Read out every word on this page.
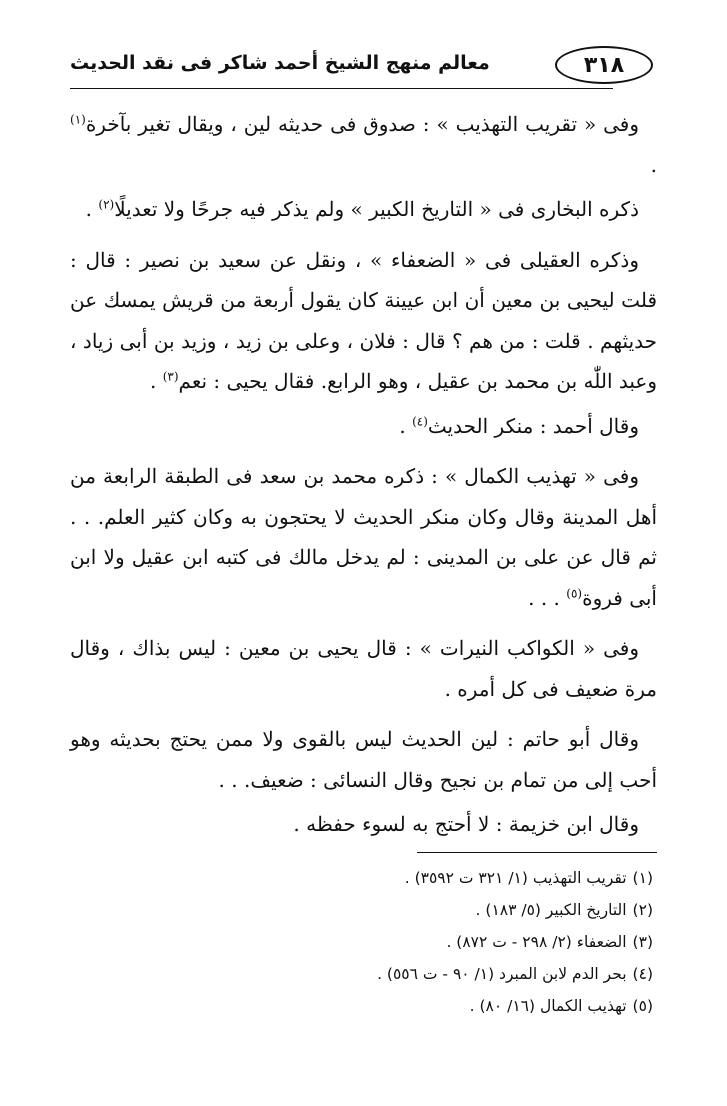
٣١٨
معالم منهج الشيخ أحمد شاكر فى نقد الحديث

وفى « تقريب التهذيب » : صدوق فى حديثه لين ، ويقال تغير بآخرة$^{(١)}$ .

ذكره البخارى فى « التاريخ الكبير » ولم يذكر فيه جرحًا ولا تعديلًا$^{(٢)}$ .

وذكره العقيلى فى « الضعفاء » ، ونقل عن سعيد بن نصير : قال : قلت ليحيى بن معين أن ابن عيينة كان يقول أربعة من قريش يمسك عن حديثهم . قلت : من هم ؟ قال : فلان ، وعلى بن زيد ، وزيد بن أبى زياد ، وعبد اللّٰه بن محمد بن عقيل ، وهو الرابع. فقال يحيى : نعم$^{(٣)}$ .

وقال أحمد : منكر الحديث$^{(٤)}$ .

وفى « تهذيب الكمال » : ذكره محمد بن سعد فى الطبقة الرابعة من أهل المدينة وقال وكان منكر الحديث لا يحتجون به وكان كثير العلم. . . ثم قال عن على بن المدينى : لم يدخل مالك فى كتبه ابن عقيل ولا ابن أبى فروة$^{(٥)}$ . . .

وفى « الكواكب النيرات » : قال يحيى بن معين : ليس بذاك ، وقال مرة ضعيف فى كل أمره .

وقال أبو حاتم : لين الحديث ليس بالقوى ولا ممن يحتج بحديثه وهو أحب إلى من تمام بن نجيح وقال النسائى : ضعيف. . .

وقال ابن خزيمة : لا أحتج به لسوء حفظه .

(١)تقريب التهذيب (١/ ٣٢١ ت ٣٥٩٢) .

(٢)التاريخ الكبير (٥/ ١٨٣) .

(٣)الضعفاء (٢/ ٢٩٨ - ت ٨٧٢) .

(٤)بحر الدم لابن المبرد (١/ ٩٠ - ت ٥٥٦) .

(٥)تهذيب الكمال (١٦/ ٨٠) .
